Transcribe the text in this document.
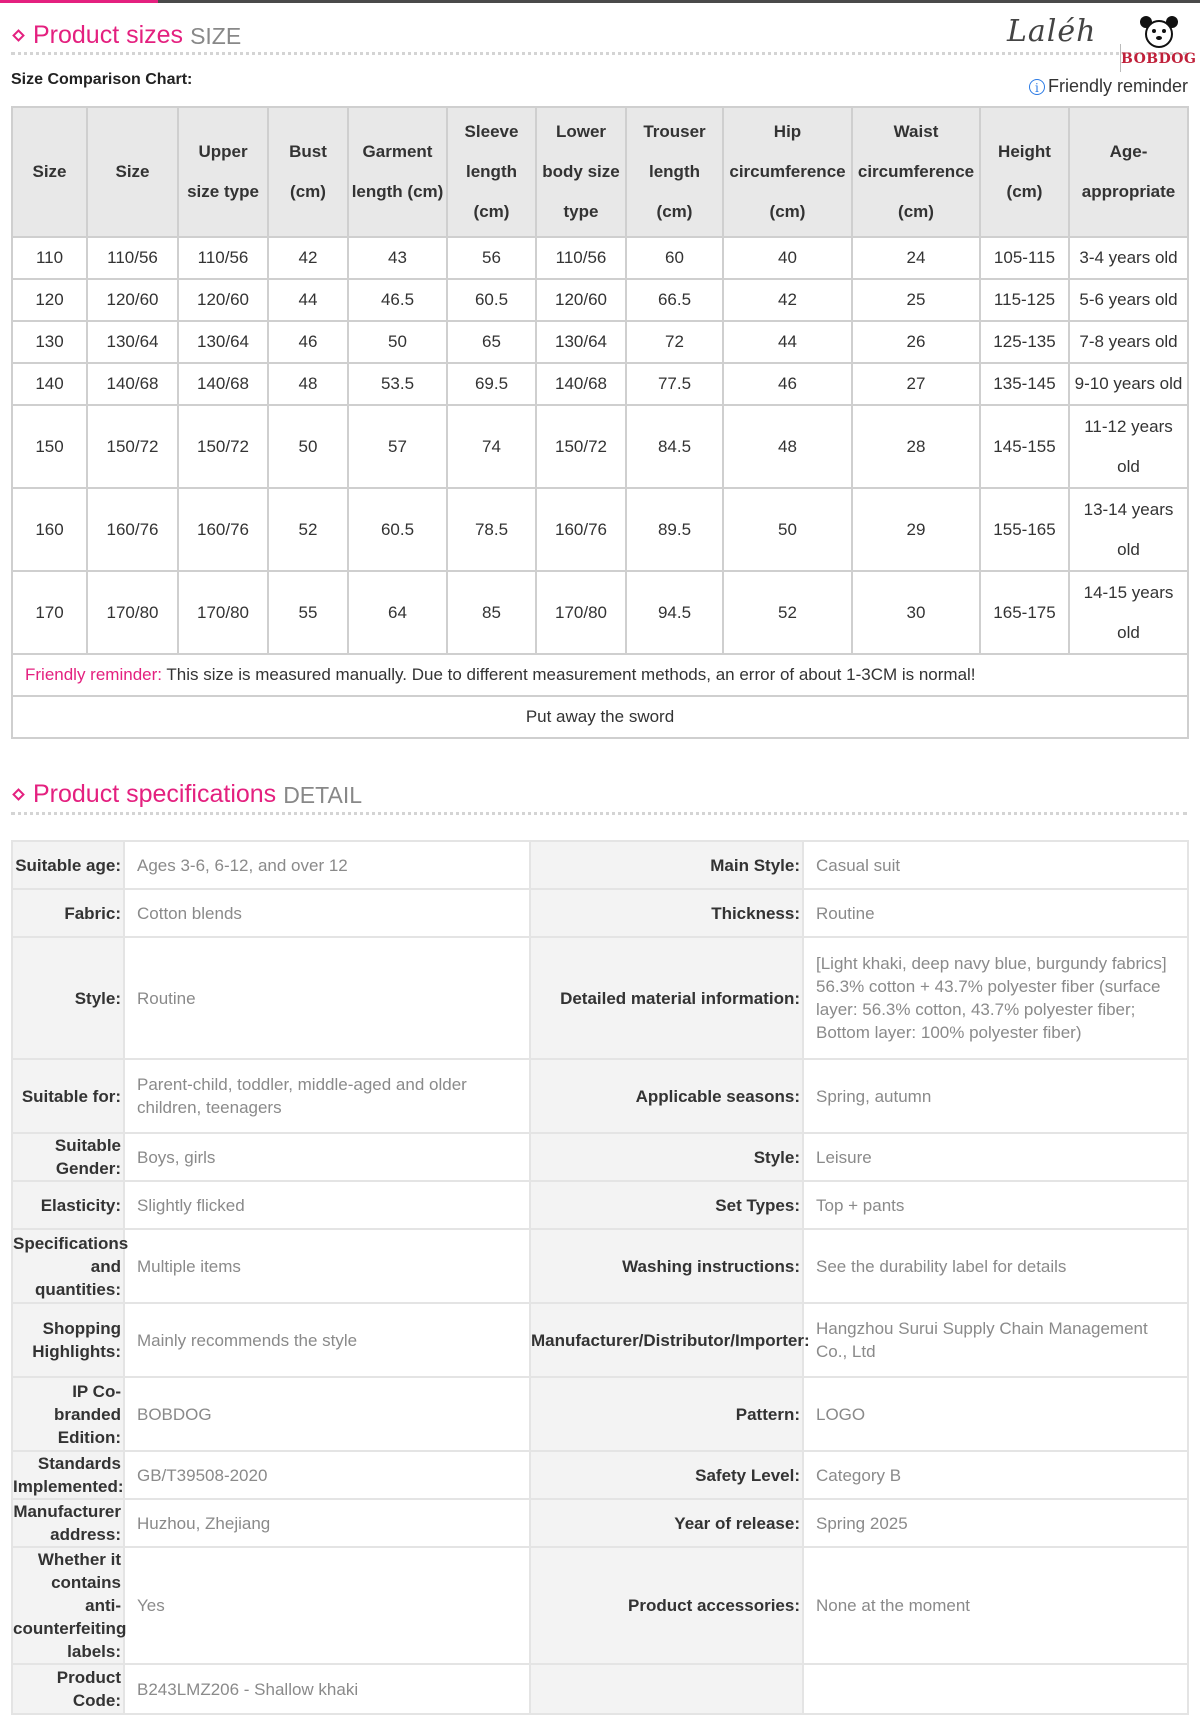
Product sizes SIZE	Laléh
BOBDOG
Size Comparison Chart:	i Friendly reminder
Size	Size	Upper size type	Bust (cm)	Garment length (cm)	Sleeve length (cm)	Lower body size type	Trouser length (cm)	Hip circumference (cm)	Waist circumference (cm)	Height (cm)	Age-appropriate
110	110/56	110/56	42	43	56	110/56	60	40	24	105-115	3-4 years old
120	120/60	120/60	44	46.5	60.5	120/60	66.5	42	25	115-125	5-6 years old
130	130/64	130/64	46	50	65	130/64	72	44	26	125-135	7-8 years old
140	140/68	140/68	48	53.5	69.5	140/68	77.5	46	27	135-145	9-10 years old
150	150/72	150/72	50	57	74	150/72	84.5	48	28	145-155	11-12 years old
160	160/76	160/76	52	60.5	78.5	160/76	89.5	50	29	155-165	13-14 years old
170	170/80	170/80	55	64	85	170/80	94.5	52	30	165-175	14-15 years old
Friendly reminder: This size is measured manually. Due to different measurement methods, an error of about 1-3CM is normal!											
Put away the sword											
Product specifications DETAIL
Suitable age:	Ages 3-6, 6-12, and over 12	Main Style:	Casual suit
Fabric:	Cotton blends	Thickness:	Routine
Style:	Routine	Detailed material information:	[Light khaki, deep navy blue, burgundy fabrics] 56.3% cotton + 43.7% polyester fiber (surface layer: 56.3% cotton, 43.7% polyester fiber; Bottom layer: 100% polyester fiber)
Suitable for:	Parent-child, toddler, middle-aged and older children, teenagers	Applicable seasons:	Spring, autumn
Suitable Gender:	Boys, girls	Style:	Leisure
Elasticity:	Slightly flicked	Set Types:	Top + pants
Specifications and quantities:	Multiple items	Washing instructions:	See the durability label for details
Shopping Highlights:	Mainly recommends the style	Manufacturer/Distributor/Importer:	Hangzhou Surui Supply Chain Management Co., Ltd
IP Co-branded Edition:	BOBDOG	Pattern:	LOGO
Standards Implemented:	GB/T39508-2020	Safety Level:	Category B
Manufacturer address:	Huzhou, Zhejiang	Year of release:	Spring 2025
Whether it contains anti-counterfeiting labels:	Yes	Product accessories:	None at the moment
Product Code:	B243LMZ206 - Shallow khaki		
